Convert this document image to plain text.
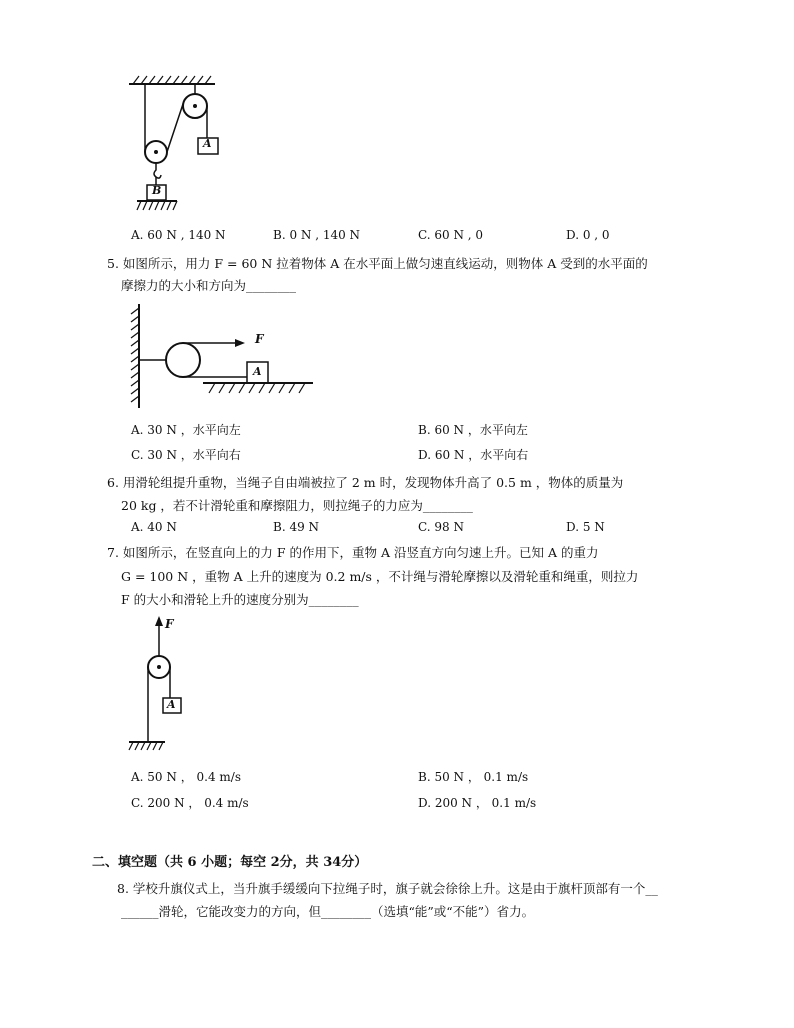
A
B
A. 60 N , 140 N	B. 0 N , 140 N	C. 60 N , 0	D. 0 , 0
5. 如图所示，用力 F = 60 N 拉着物体 A 在水平面上做匀速直线运动，则物体 A 受到的水平面的
摩擦力的大小和方向为________
F
A
A. 30 N ，水平向左	B. 60 N ，水平向左
C. 30 N ，水平向右	D. 60 N ，水平向右
6. 用滑轮组提升重物，当绳子自由端被拉了 2 m 时，发现物体升高了 0.5 m ，物体的质量为
20 kg ，若不计滑轮重和摩擦阻力，则拉绳子的力应为________
A. 40 N	B. 49 N	C. 98 N	D. 5 N
7. 如图所示，在竖直向上的力 F 的作用下，重物 A 沿竖直方向匀速上升。已知 A 的重力
G = 100 N ，重物 A 上升的速度为 0.2 m/s ，不计绳与滑轮摩擦以及滑轮重和绳重，则拉力
F 的大小和滑轮上升的速度分别为________
F
A
A. 50 N ， 0.4 m/s	B. 50 N ， 0.1 m/s
C. 200 N ， 0.4 m/s	D. 200 N ， 0.1 m/s
二、填空题（共 6 小题；每空 2分，共 34分）
8. 学校升旗仪式上，当升旗手缓缓向下拉绳子时，旗子就会徐徐上升。这是由于旗杆顶部有一个__
______滑轮，它能改变力的方向，但________（选填“能”或“不能”）省力。
